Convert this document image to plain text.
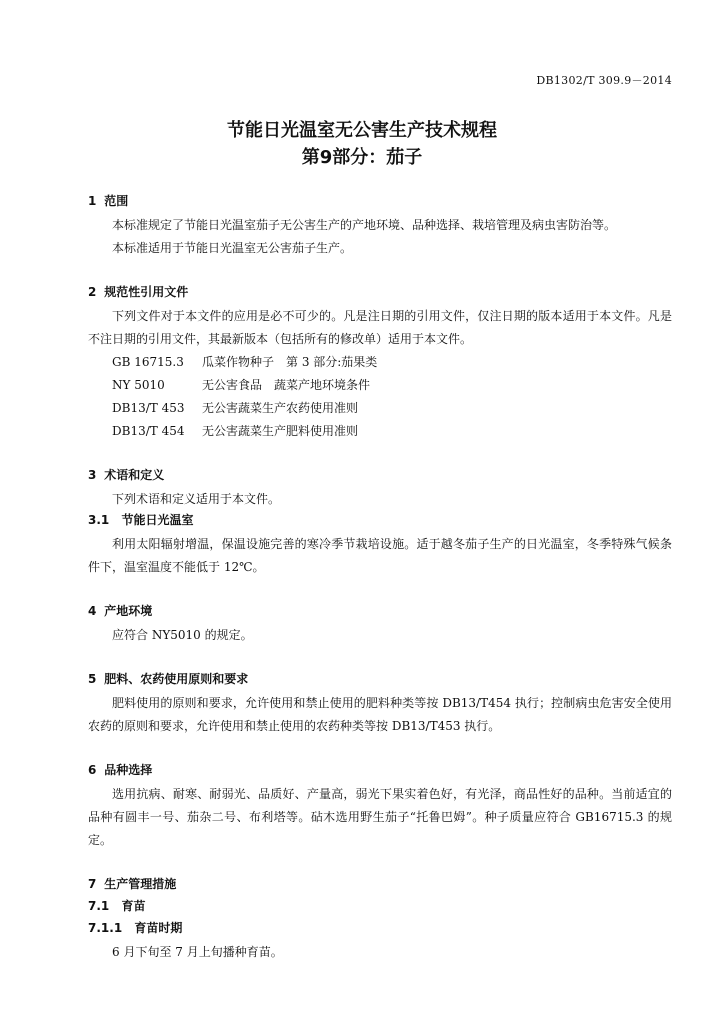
DB1302/T 309.9－2014
节能日光温室无公害生产技术规程
第9部分：茄子
1 范围
本标准规定了节能日光温室茄子无公害生产的产地环境、品种选择、栽培管理及病虫害防治等。
本标准适用于节能日光温室无公害茄子生产。
2 规范性引用文件
下列文件对于本文件的应用是必不可少的。凡是注日期的引用文件，仅注日期的版本适用于本文件。凡是不注日期的引用文件，其最新版本（包括所有的修改单）适用于本文件。
GB 16715.3	瓜菜作物种子　第 3 部分:茄果类
NY 5010	无公害食品　蔬菜产地环境条件
DB13/T 453	无公害蔬菜生产农药使用准则
DB13/T 454	无公害蔬菜生产肥料使用准则
3 术语和定义
下列术语和定义适用于本文件。
3.1 节能日光温室
利用太阳辐射增温，保温设施完善的寒冷季节栽培设施。适于越冬茄子生产的日光温室，冬季特殊气候条件下，温室温度不能低于 12℃。
4 产地环境
应符合 NY5010 的规定。
5 肥料、农药使用原则和要求
肥料使用的原则和要求，允许使用和禁止使用的肥料种类等按 DB13/T454 执行；控制病虫危害安全使用农药的原则和要求，允许使用和禁止使用的农药种类等按 DB13/T453 执行。
6 品种选择
选用抗病、耐寒、耐弱光、品质好、产量高，弱光下果实着色好，有光泽，商品性好的品种。当前适宜的品种有圆丰一号、茄杂二号、布利塔等。砧木选用野生茄子“托鲁巴姆”。种子质量应符合 GB16715.3 的规定。
7 生产管理措施
7.1 育苗
7.1.1 育苗时期
6 月下旬至 7 月上旬播种育苗。
